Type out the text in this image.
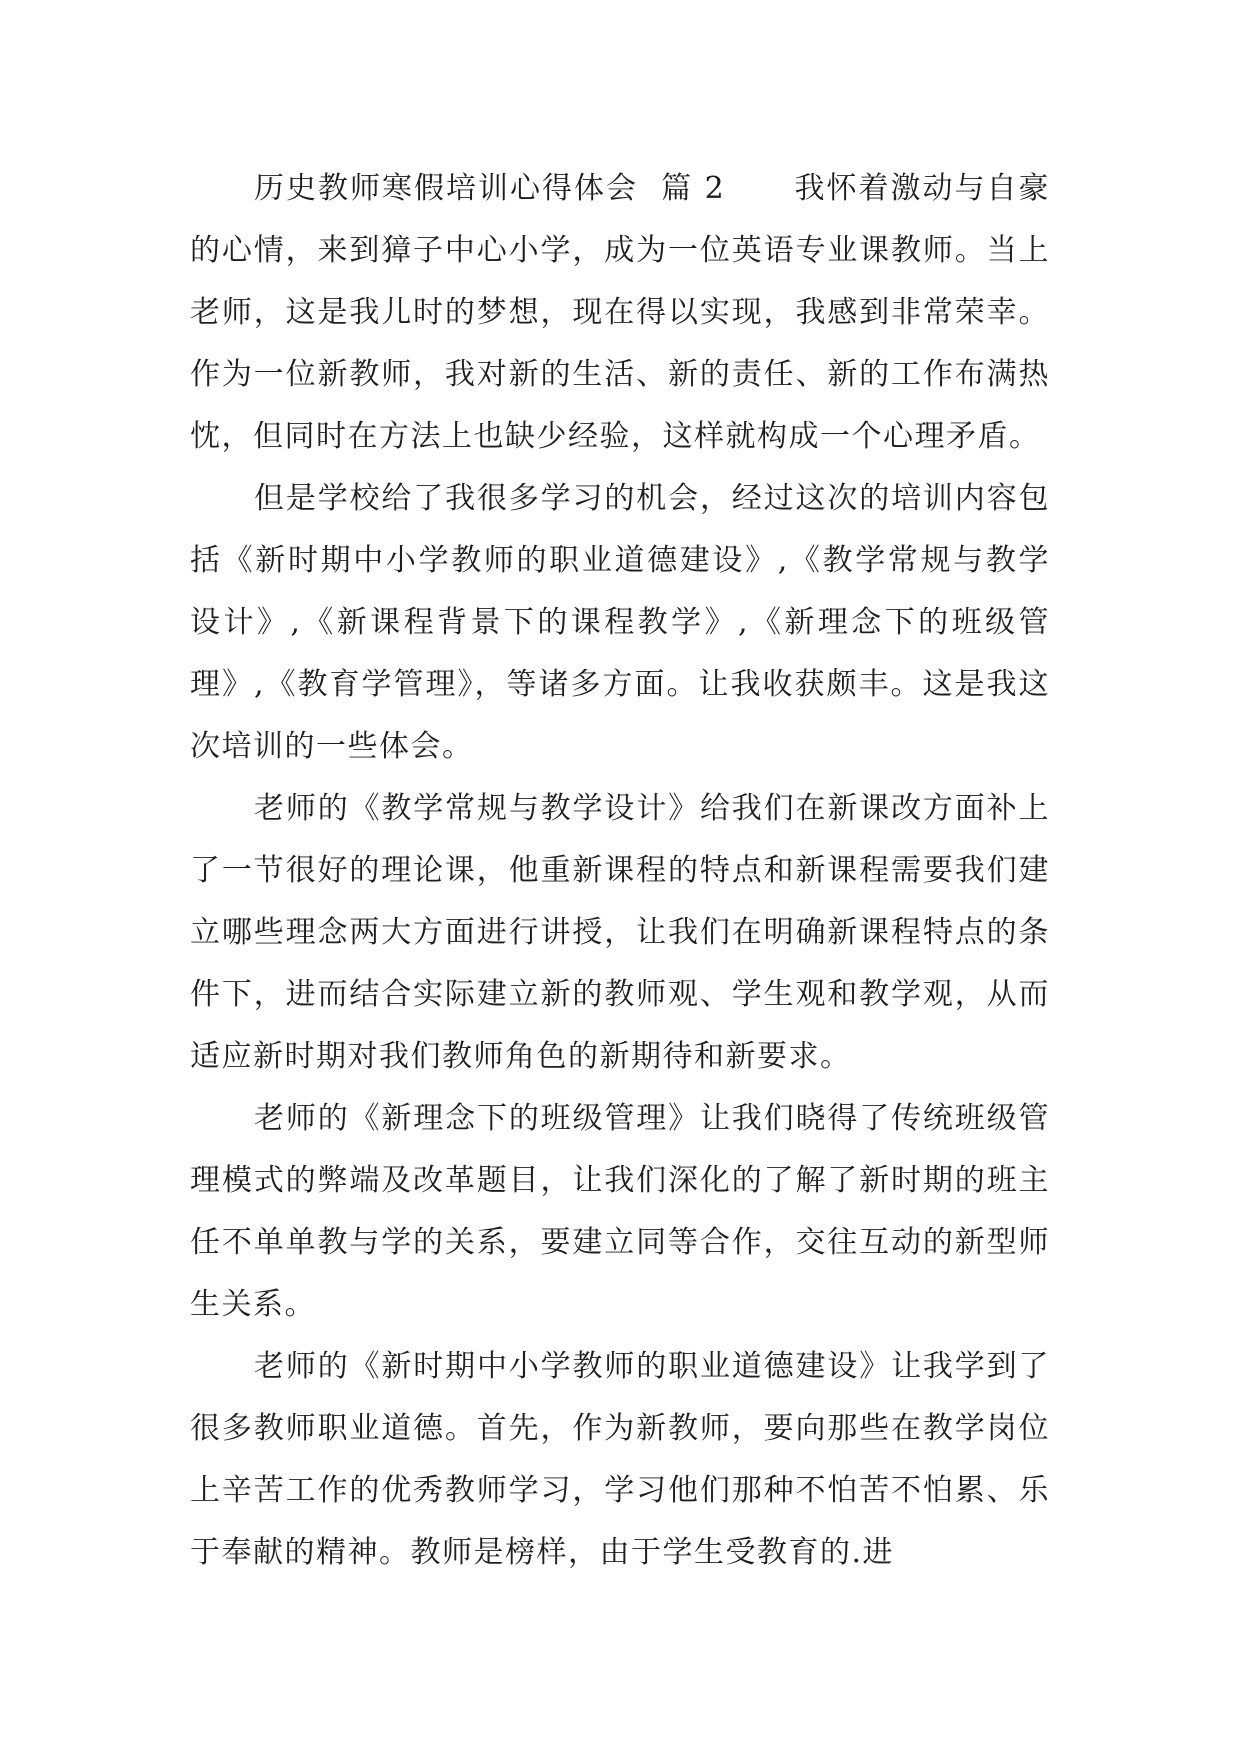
历史教师寒假培训心得体会 篇 2 我怀着激动与自豪的心情，来到獐子中心小学，成为一位英语专业课教师。当上老师，这是我儿时的梦想，现在得以实现，我感到非常荣幸。作为一位新教师，我对新的生活、新的责任、新的工作布满热忱，但同时在方法上也缺少经验，这样就构成一个心理矛盾。

但是学校给了我很多学习的机会，经过这次的培训内容包括《新时期中小学教师的职业道德建设》,《教学常规与教学设计》,《新课程背景下的课程教学》,《新理念下的班级管理》,《教育学管理》，等诸多方面。让我收获颇丰。这是我这次培训的一些体会。

老师的《教学常规与教学设计》给我们在新课改方面补上了一节很好的理论课，他重新课程的特点和新课程需要我们建立哪些理念两大方面进行讲授，让我们在明确新课程特点的条件下，进而结合实际建立新的教师观、学生观和教学观，从而适应新时期对我们教师角色的新期待和新要求。

老师的《新理念下的班级管理》让我们晓得了传统班级管理模式的弊端及改革题目，让我们深化的了解了新时期的班主任不单单教与学的关系，要建立同等合作，交往互动的新型师生关系。

老师的《新时期中小学教师的职业道德建设》让我学到了很多教师职业道德。首先，作为新教师，要向那些在教学岗位上辛苦工作的优秀教师学习，学习他们那种不怕苦不怕累、乐于奉献的精神。教师是榜样，由于学生受教育的.进
